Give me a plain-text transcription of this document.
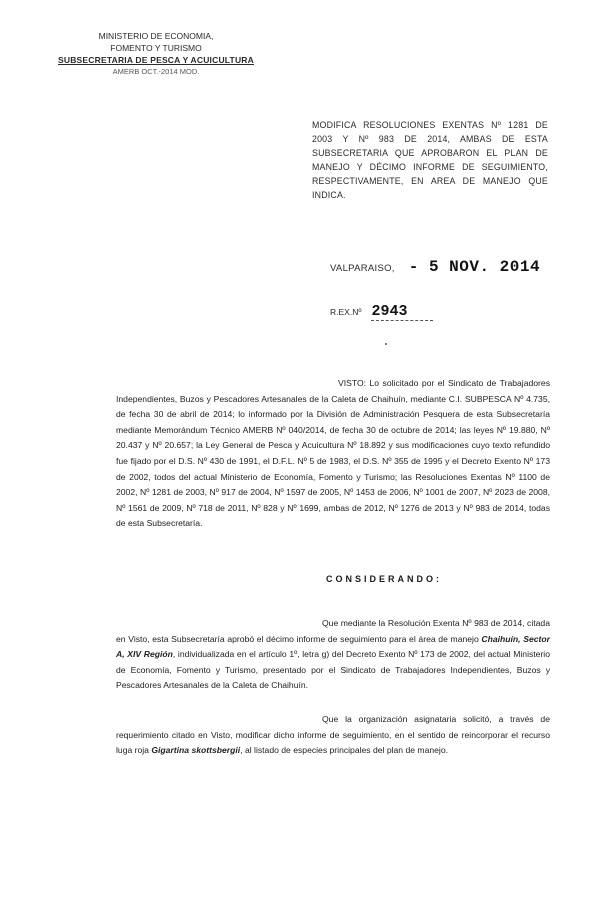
MINISTERIO DE ECONOMIA,
FOMENTO Y TURISMO
SUBSECRETARIA DE PESCA Y ACUICULTURA
AMERB OCT.-2014 MOD.
MODIFICA RESOLUCIONES EXENTAS Nº 1281 DE 2003 Y Nº 983 DE 2014, AMBAS DE ESTA SUBSECRETARIA QUE APROBARON EL PLAN DE MANEJO Y DÉCIMO INFORME DE SEGUIMIENTO, RESPECTIVAMENTE, EN AREA DE MANEJO QUE INDICA.
VALPARAISO, - 5 NOV. 2014
R.EX.Nº 2943
VISTO: Lo solicitado por el Sindicato de Trabajadores Independientes, Buzos y Pescadores Artesanales de la Caleta de Chaihuín, mediante C.I. SUBPESCA Nº 4.735, de fecha 30 de abril de 2014; lo informado por la División de Administración Pesquera de esta Subsecretaría mediante Memorándum Técnico AMERB Nº 040/2014, de fecha 30 de octubre de 2014; las leyes Nº 19.880, Nº 20.437 y Nº 20.657; la Ley General de Pesca y Acuicultura Nº 18.892 y sus modificaciones cuyo texto refundido fue fijado por el D.S. Nº 430 de 1991, el D.F.L. Nº 5 de 1983, el D.S. Nº 355 de 1995 y el Decreto Exento Nº 173 de 2002, todos del actual Ministerio de Economía, Fomento y Turismo; las Resoluciones Exentas Nº 1100 de 2002, Nº 1281 de 2003, Nº 917 de 2004, Nº 1597 de 2005, Nº 1453 de 2006, Nº 1001 de 2007, Nº 2023 de 2008, Nº 1561 de 2009, Nº 718 de 2011, Nº 828 y Nº 1699, ambas de 2012, Nº 1276 de 2013 y Nº 983 de 2014, todas de esta Subsecretaría.
CONSIDERANDO:
Que mediante la Resolución Exenta Nº 983 de 2014, citada en Visto, esta Subsecretaría aprobó el décimo informe de seguimiento para el área de manejo Chaihuín, Sector A, XIV Región, individualizada en el artículo 1º, letra g) del Decreto Exento Nº 173 de 2002, del actual Ministerio de Economía, Fomento y Turismo, presentado por el Sindicato de Trabajadores Independientes, Buzos y Pescadores Artesanales de la Caleta de Chaihuín.
Que la organización asignataria solicitó, a través de requerimiento citado en Visto, modificar dicho informe de seguimiento, en el sentido de reincorporar el recurso luga roja Gigartina skottsbergii, al listado de especies principales del plan de manejo.
